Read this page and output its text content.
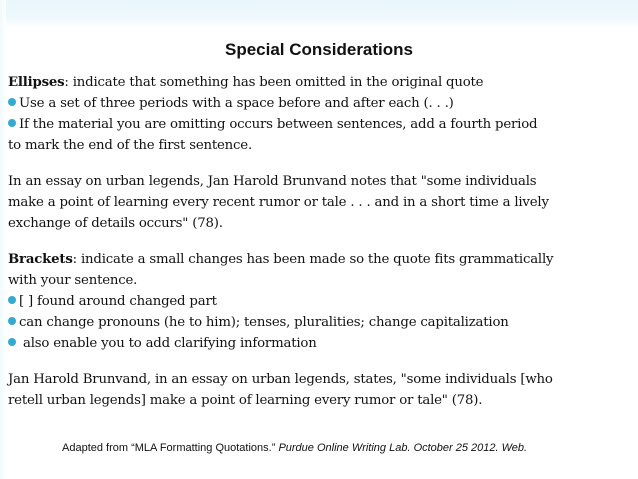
Special Considerations

Ellipses: indicate that something has been omitted in the original quote

Use a set of three periods with a space before and after each (. . .)

If the material you are omitting occurs between sentences, add a fourth period
to mark the end of the first sentence.

In an essay on urban legends, Jan Harold Brunvand notes that "some individuals
make a point of learning every recent rumor or tale . . . and in a short time a lively
exchange of details occurs" (78).

Brackets: indicate a small changes has been made so the quote fits grammatically
with your sentence.

[ ] found around changed part

can change pronouns (he to him); tenses, pluralities; change capitalization

also enable you to add clarifying information

Jan Harold Brunvand, in an essay on urban legends, states, "some individuals [who
retell urban legends] make a point of learning every rumor or tale" (78).

Adapted from “MLA Formatting Quotations.” Purdue Online Writing Lab. October 25 2012. Web.
